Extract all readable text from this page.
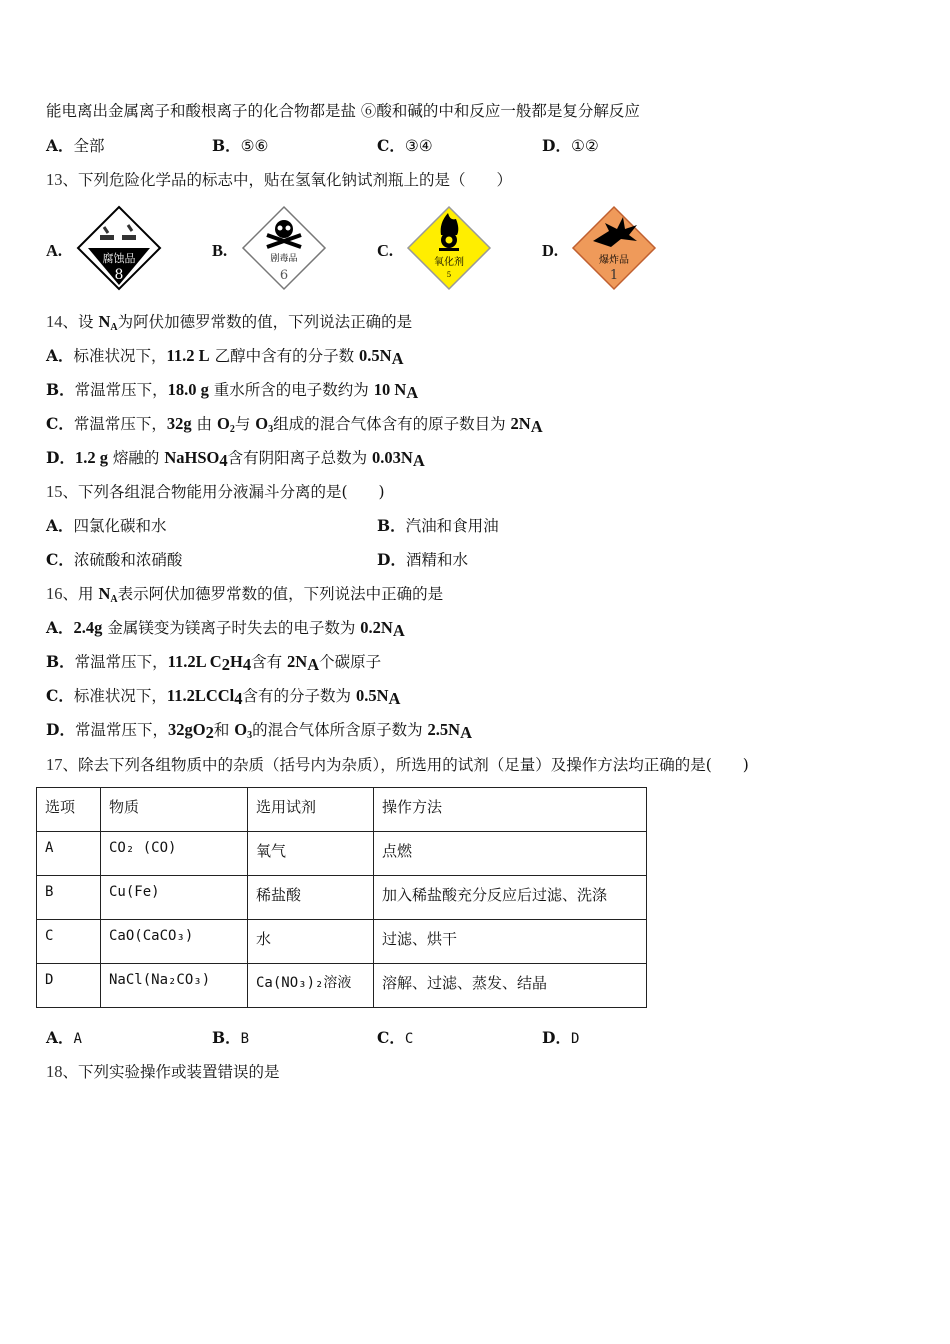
能电离出金属离子和酸根离子的化合物都是盐 ⑥酸和碱的中和反应一般都是复分解反应
A．全部	B．⑤⑥	C．③④	D．①②
13、下列危险化学品的标志中，贴在氢氧化钠试剂瓶上的是（　　）
A.	B.	C.	D.
腐蚀品
8
剧毒品
6
氧化剂
5
爆炸品
1
14、设 $N_A$为阿伏加德罗常数的值，下列说法正确的是
A．标准状况下，11.2 L 乙醇中含有的分子数 $0.5N_A$
B．常温常压下，18.0 g 重水所含的电子数约为 10 $N_A$
C．常温常压下，32g 由 $O_2$与 $O_3$组成的混合气体含有的原子数目为 $2N_A$
D．1.2 g 熔融的 NaHSO$_4$含有阴阳离子总数为 $0.03N_A$
15、下列各组混合物能用分液漏斗分离的是(　　)
A．四氯化碳和水	B．汽油和食用油
C．浓硫酸和浓硝酸	D．酒精和水
16、用 $N_A$表示阿伏加德罗常数的值，下列说法中正确的是
A．2.4g 金属镁变为镁离子时失去的电子数为 $0.2N_A$
B．常温常压下，11.2L $C_2H_4$含有 $2N_A$个碳原子
C．标准状况下，11.2LCCl$_4$含有的分子数为 $0.5N_A$
D．常温常压下，$32gO_2$和 $O_3$的混合气体所含原子数为 $2.5N_A$
17、除去下列各组物质中的杂质（括号内为杂质），所选用的试剂（足量）及操作方法均正确的是(　　)
选项	物质	选用试剂	操作方法
A	CO₂ (CO)	氧气	点燃
B	Cu(Fe)	稀盐酸	加入稀盐酸充分反应后过滤、洗涤
C	CaO(CaCO₃)	水	过滤、烘干
D	NaCl(Na₂CO₃)	Ca(NO₃)₂溶液	溶解、过滤、蒸发、结晶
A．A	B．B	C．C	D．D
18、下列实验操作或装置错误的是
